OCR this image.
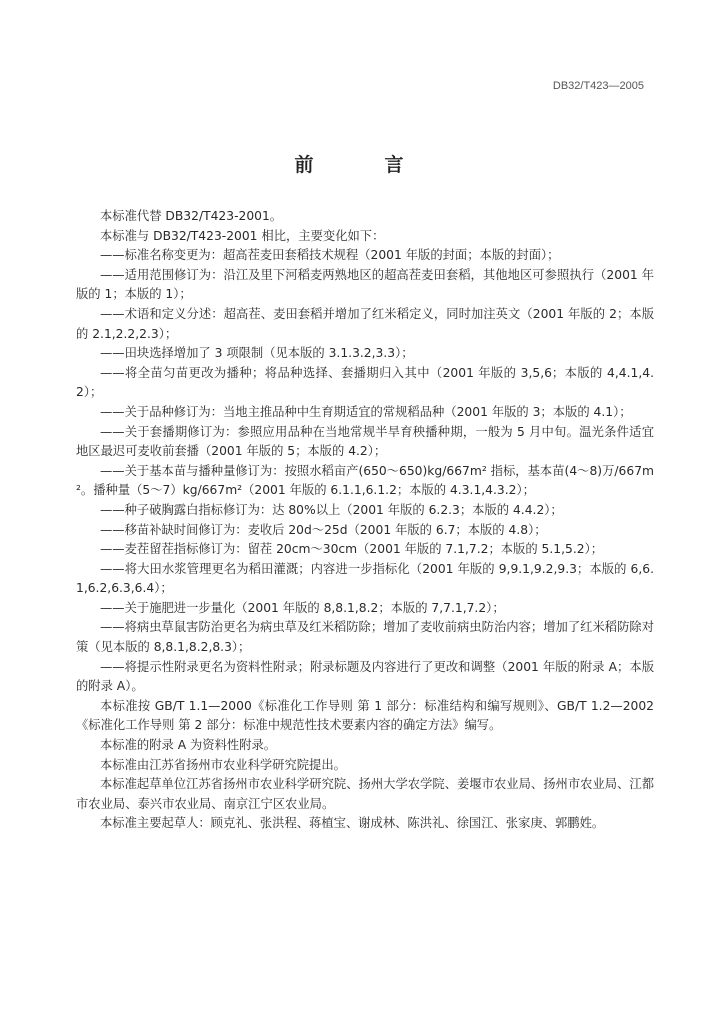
DB32/T423—2005
前　言

本标准代替 DB32/T423-2001。

本标准与 DB32/T423-2001 相比，主要变化如下：

——标准名称变更为：超高茬麦田套稻技术规程（2001 年版的封面；本版的封面）；

——适用范围修订为：沿江及里下河稻麦两熟地区的超高茬麦田套稻，其他地区可参照执行（2001 年版的 1；本版的 1）；

——术语和定义分述：超高茬、麦田套稻并增加了红米稻定义，同时加注英文（2001 年版的 2；本版的 2.1,2.2,2.3）；

——田块选择增加了 3 项限制（见本版的 3.1.3.2,3.3）；

——将全苗匀苗更改为播种；将品种选择、套播期归入其中（2001 年版的 3,5,6；本版的 4,4.1,4.2）；

——关于品种修订为：当地主推品种中生育期适宜的常规稻品种（2001 年版的 3；本版的 4.1）；

——关于套播期修订为：参照应用品种在当地常规半旱育秧播种期，一般为 5 月中旬。温光条件适宜地区最迟可麦收前套播（2001 年版的 5；本版的 4.2）；

——关于基本苗与播种量修订为：按照水稻亩产(650～650)kg/667m² 指标，基本苗(4～8)万/667m²。播种量（5～7）kg/667m²（2001 年版的 6.1.1,6.1.2；本版的 4.3.1,4.3.2）；

——种子破胸露白指标修订为：达 80%以上（2001 年版的 6.2.3；本版的 4.4.2）；

——移苗补缺时间修订为：麦收后 20d～25d（2001 年版的 6.7；本版的 4.8）；

——麦茬留茬指标修订为：留茬 20cm～30cm（2001 年版的 7.1,7.2；本版的 5.1,5.2）；

——将大田水浆管理更名为稻田灌溉；内容进一步指标化（2001 年版的 9,9.1,9.2,9.3；本版的 6,6.1,6.2,6.3,6.4）；

——关于施肥进一步量化（2001 年版的 8,8.1,8.2；本版的 7,7.1,7.2）；

——将病虫草鼠害防治更名为病虫草及红米稻防除；增加了麦收前病虫防治内容；增加了红米稻防除对策（见本版的 8,8.1,8.2,8.3）；

——将提示性附录更名为资料性附录；附录标题及内容进行了更改和调整（2001 年版的附录 A；本版的附录 A）。

本标准按 GB/T 1.1—2000《标准化工作导则 第 1 部分：标准结构和编写规则》、GB/T 1.2—2002《标准化工作导则 第 2 部分：标准中规范性技术要素内容的确定方法》编写。

本标准的附录 A 为资料性附录。

本标准由江苏省扬州市农业科学研究院提出。

本标准起草单位江苏省扬州市农业科学研究院、扬州大学农学院、姜堰市农业局、扬州市农业局、江都市农业局、泰兴市农业局、南京江宁区农业局。

本标准主要起草人：顾克礼、张洪程、蒋植宝、谢成林、陈洪礼、徐国江、张家庚、郭鹏姓。
